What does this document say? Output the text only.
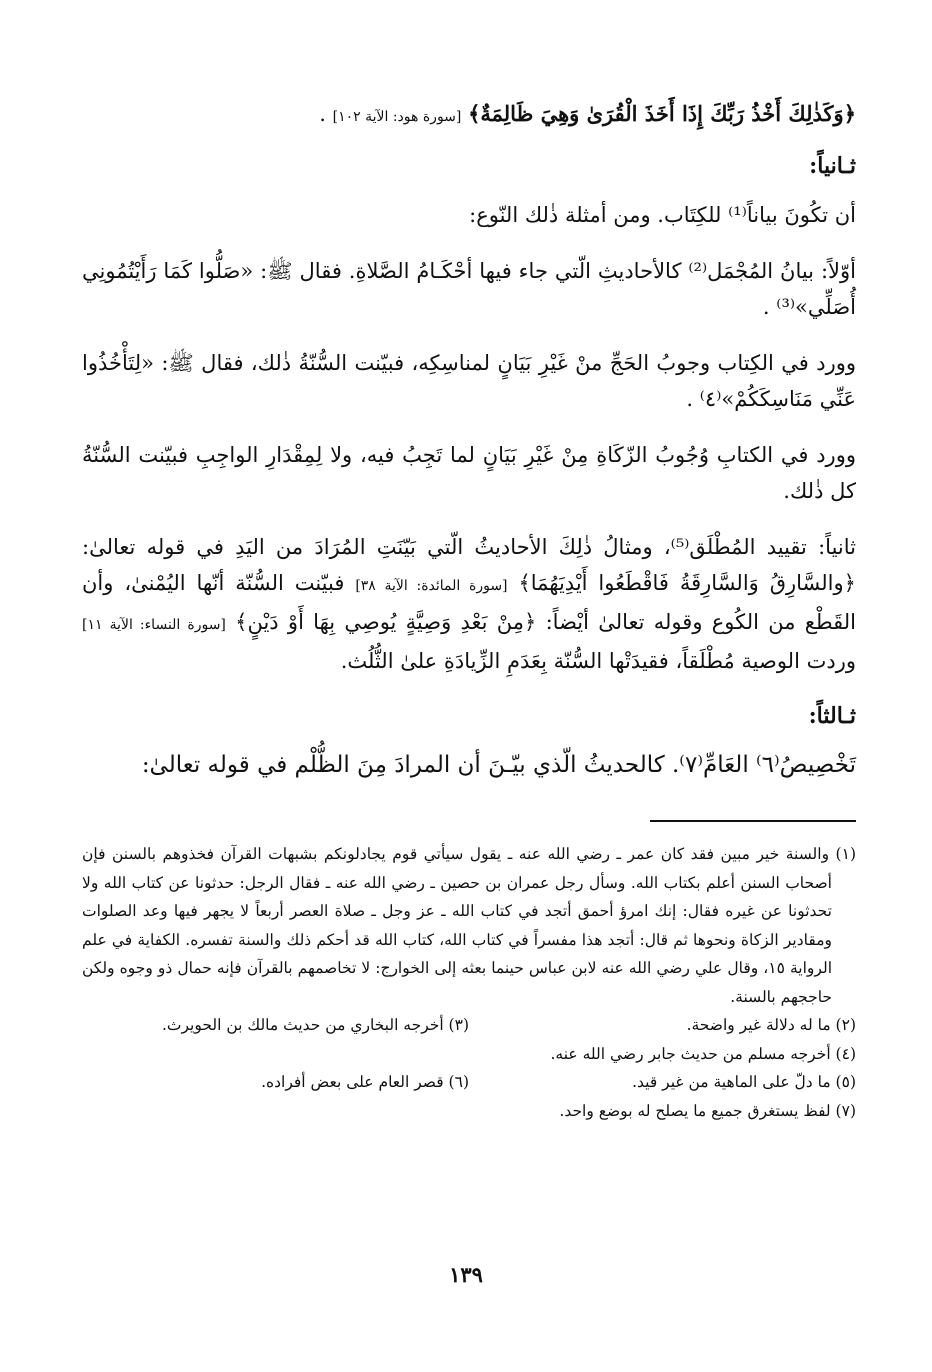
﴿وَكَذٰلِكَ أَخْذُ رَبِّكَ إِذَا أَخَذَ الْقُرَىٰ وَهِيَ ظَالِمَةٌ﴾ [سورة هود: الآية ١٠٢] .

ثـانياً:

أن تكُونَ بياناً⁽¹⁾ للكِتَاب. ومن أمثلة ذٰلك النّوع:

أوّلاً: بيانُ المُجْمَل⁽²⁾ كالأحاديثِ الّتي جاء فيها أحْكَـامُ الصَّلاةِ. فقال ﷺ: «صَلُّوا كَمَا رَأَيْتُمُونِي أُصَلِّي»⁽³⁾ .

وورد في الكِتاب وجوبُ الحَجِّ منْ غَيْرِ بَيَانٍ لمناسِكِه، فبيّنت السُّنّةُ ذٰلك، فقال ﷺ: «لِتَأْخُذُوا عَنِّي مَنَاسِكَكُمْ»⁽٤⁾ .

وورد في الكتابِ وُجُوبُ الزّكَاةِ مِنْ غَيْرِ بَيَانٍ لما تَجِبُ فيه، ولا لِمِقْدَارِ الواجِبِ فبيّنت السُّنّةُ كل ذٰلك.

ثانياً: تقييد المُطْلَق⁽⁵⁾، ومثالُ ذٰلِكَ الأحاديثُ الّتي بَيّنَتِ المُرَادَ من اليَدِ في قوله تعالىٰ: ﴿والسَّارِقُ وَالسَّارِقَةُ فَاقْطَعُوا أَيْدِيَهُمَا﴾ [سورة المائدة: الآية ٣٨] فبيّنت السُّنّة أنّها اليُمْنىٰ، وأن القَطْع من الكُوع وقوله تعالىٰ أيْضاً: ﴿مِنْ بَعْدِ وَصِيَّةٍ يُوصِي بِهَا أَوْ دَيْنٍ﴾ [سورة النساء: الآية ١١] وردت الوصية مُطْلَقاً، فقيدَتْها السُّنّة بِعَدَمِ الزِّيادَةِ علىٰ الثُّلُث.

ثـالثاً:

تَخْصِيصُ⁽٦⁾ العَامِّ⁽٧⁾. كالحديثُ الّذي بيّـنَ أن المرادَ مِنَ الظُّلْم في قوله تعالىٰ:

(١) والسنة خير مبين فقد كان عمر ـ رضي الله عنه ـ يقول سيأتي قوم يجادلونكم بشبهات القرآن فخذوهم بالسنن فإن أصحاب السنن أعلم بكتاب الله. وسأل رجل عمران بن حصين ـ رضي الله عنه ـ فقال الرجل: حدثونا عن كتاب الله ولا تحدثونا عن غيره فقال: إنك امرؤ أحمق أتجد في كتاب الله ـ عز وجل ـ صلاة العصر أربعاً لا يجهر فيها وعد الصلوات ومقادير الزكاة ونحوها ثم قال: أتجد هذا مفسراً في كتاب الله، كتاب الله قد أحكم ذلك والسنة تفسره. الكفاية في علم الرواية ١٥، وقال علي رضي الله عنه لابن عباس حينما بعثه إلى الخوارج: لا تخاصمهم بالقرآن فإنه حمال ذو وجوه ولكن حاججهم بالسنة.

(٢) ما له دلالة غير واضحة.
(٣) أخرجه البخاري من حديث مالك بن الحويرث.

(٤) أخرجه مسلم من حديث جابر رضي الله عنه.

(٥) ما دلّ على الماهية من غير قيد.
(٦) قصر العام على بعض أفراده.

(٧) لفظ يستغرق جميع ما يصلح له بوضع واحد.

١٣٩
